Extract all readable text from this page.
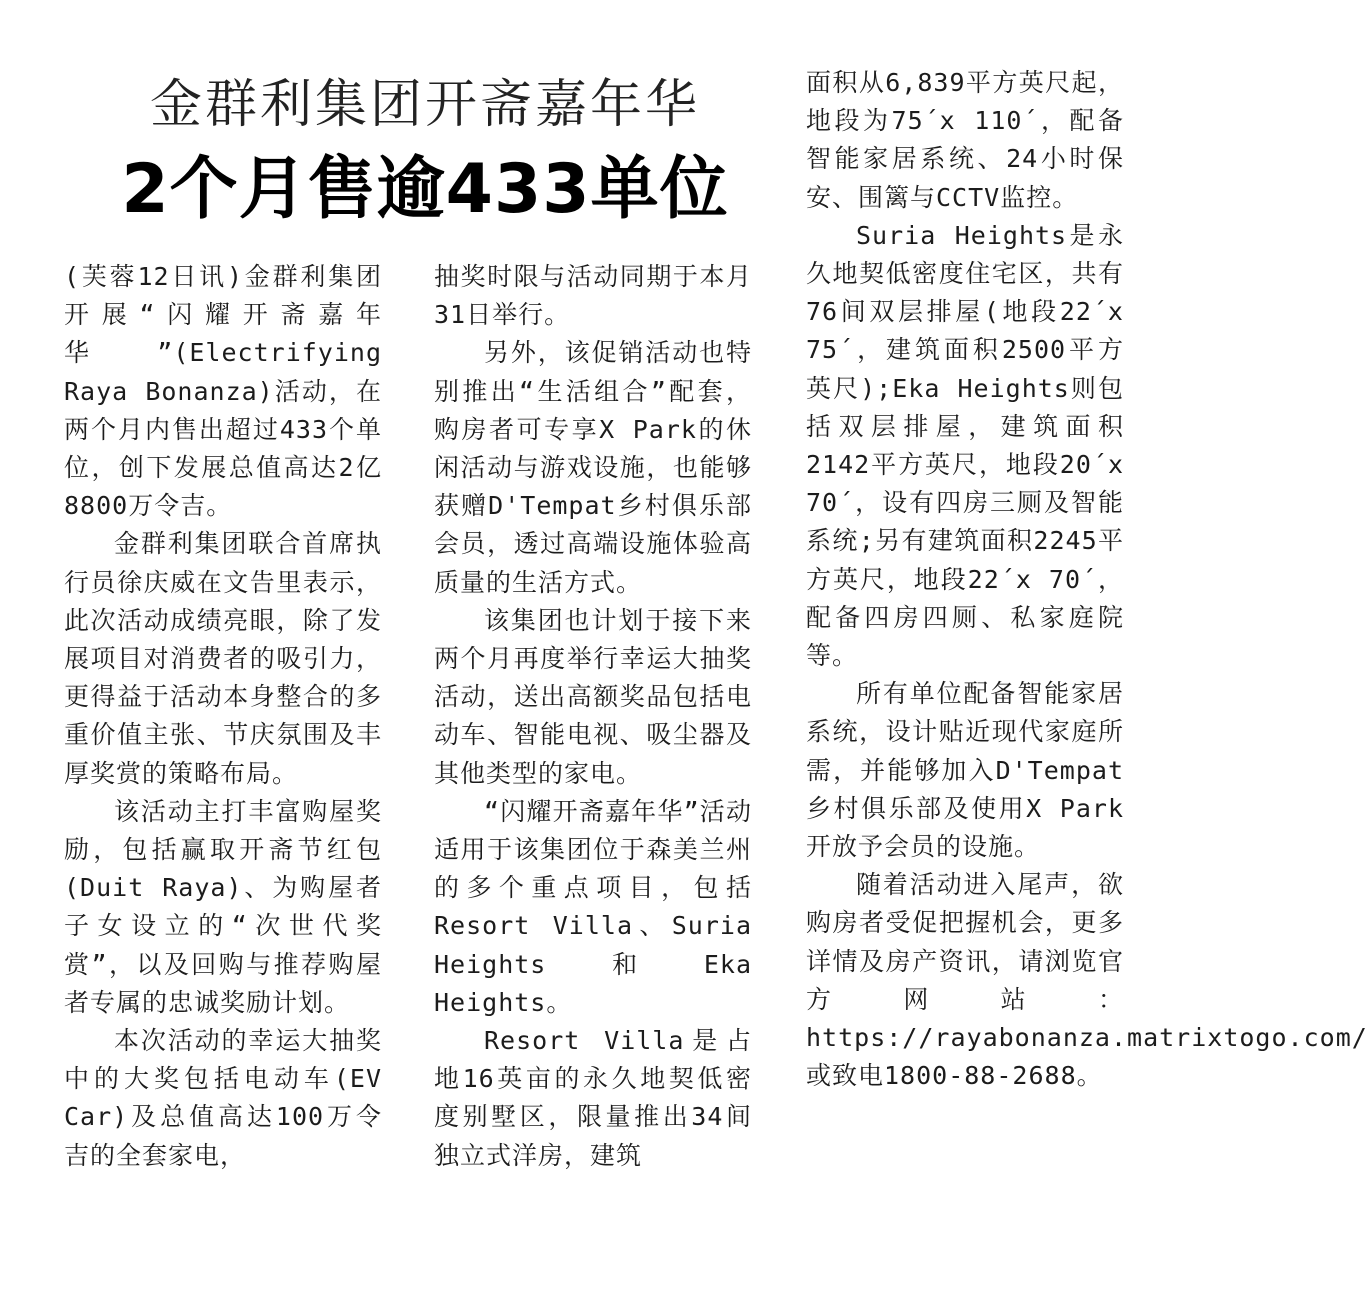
金群利集团开斋嘉年华
2个月售逾433单位

(芙蓉12日讯)金群利集团开展“闪耀开斋嘉年华”(Electrifying Raya Bonanza)活动，在两个月内售出超过433个单位，创下发展总值高达2亿8800万令吉。

金群利集团联合首席执行员徐庆威在文告里表示，此次活动成绩亮眼，除了发展项目对消费者的吸引力，更得益于活动本身整合的多重价值主张、节庆氛围及丰厚奖赏的策略布局。

该活动主打丰富购屋奖励，包括赢取开斋节红包(Duit Raya)、为购屋者子女设立的“次世代奖赏”，以及回购与推荐购屋者专属的忠诚奖励计划。

本次活动的幸运大抽奖中的大奖包括电动车(EV Car)及总值高达100万令吉的全套家电，

抽奖时限与活动同期于本月31日举行。

另外，该促销活动也特别推出“生活组合”配套，购房者可专享X Park的休闲活动与游戏设施，也能够获赠D'Tempat乡村俱乐部会员，透过高端设施体验高质量的生活方式。

该集团也计划于接下来两个月再度举行幸运大抽奖活动，送出高额奖品包括电动车、智能电视、吸尘器及其他类型的家电。

“闪耀开斋嘉年华”活动适用于该集团位于森美兰州的多个重点项目，包括Resort Villa、Suria Heights和Eka Heights。

Resort Villa是占地16英亩的永久地契低密度别墅区，限量推出34间独立式洋房，建筑

面积从6,839平方英尺起，地段为75´x 110´，配备智能家居系统、24小时保安、围篱与CCTV监控。

Suria Heights是永久地契低密度住宅区，共有76间双层排屋(地段22´x 75´，建筑面积2500平方英尺);Eka Heights则包括双层排屋，建筑面积2142平方英尺，地段20´x 70´，设有四房三厕及智能系统;另有建筑面积2245平方英尺，地段22´x 70´，配备四房四厕、私家庭院等。

所有单位配备智能家居系统，设计贴近现代家庭所需，并能够加入D'Tempat乡村俱乐部及使用X Park开放予会员的设施。

随着活动进入尾声，欲购房者受促把握机会，更多详情及房产资讯，请浏览官方网站：https://rayabonanza.matrixtogo.com/或致电1800-88-2688。
